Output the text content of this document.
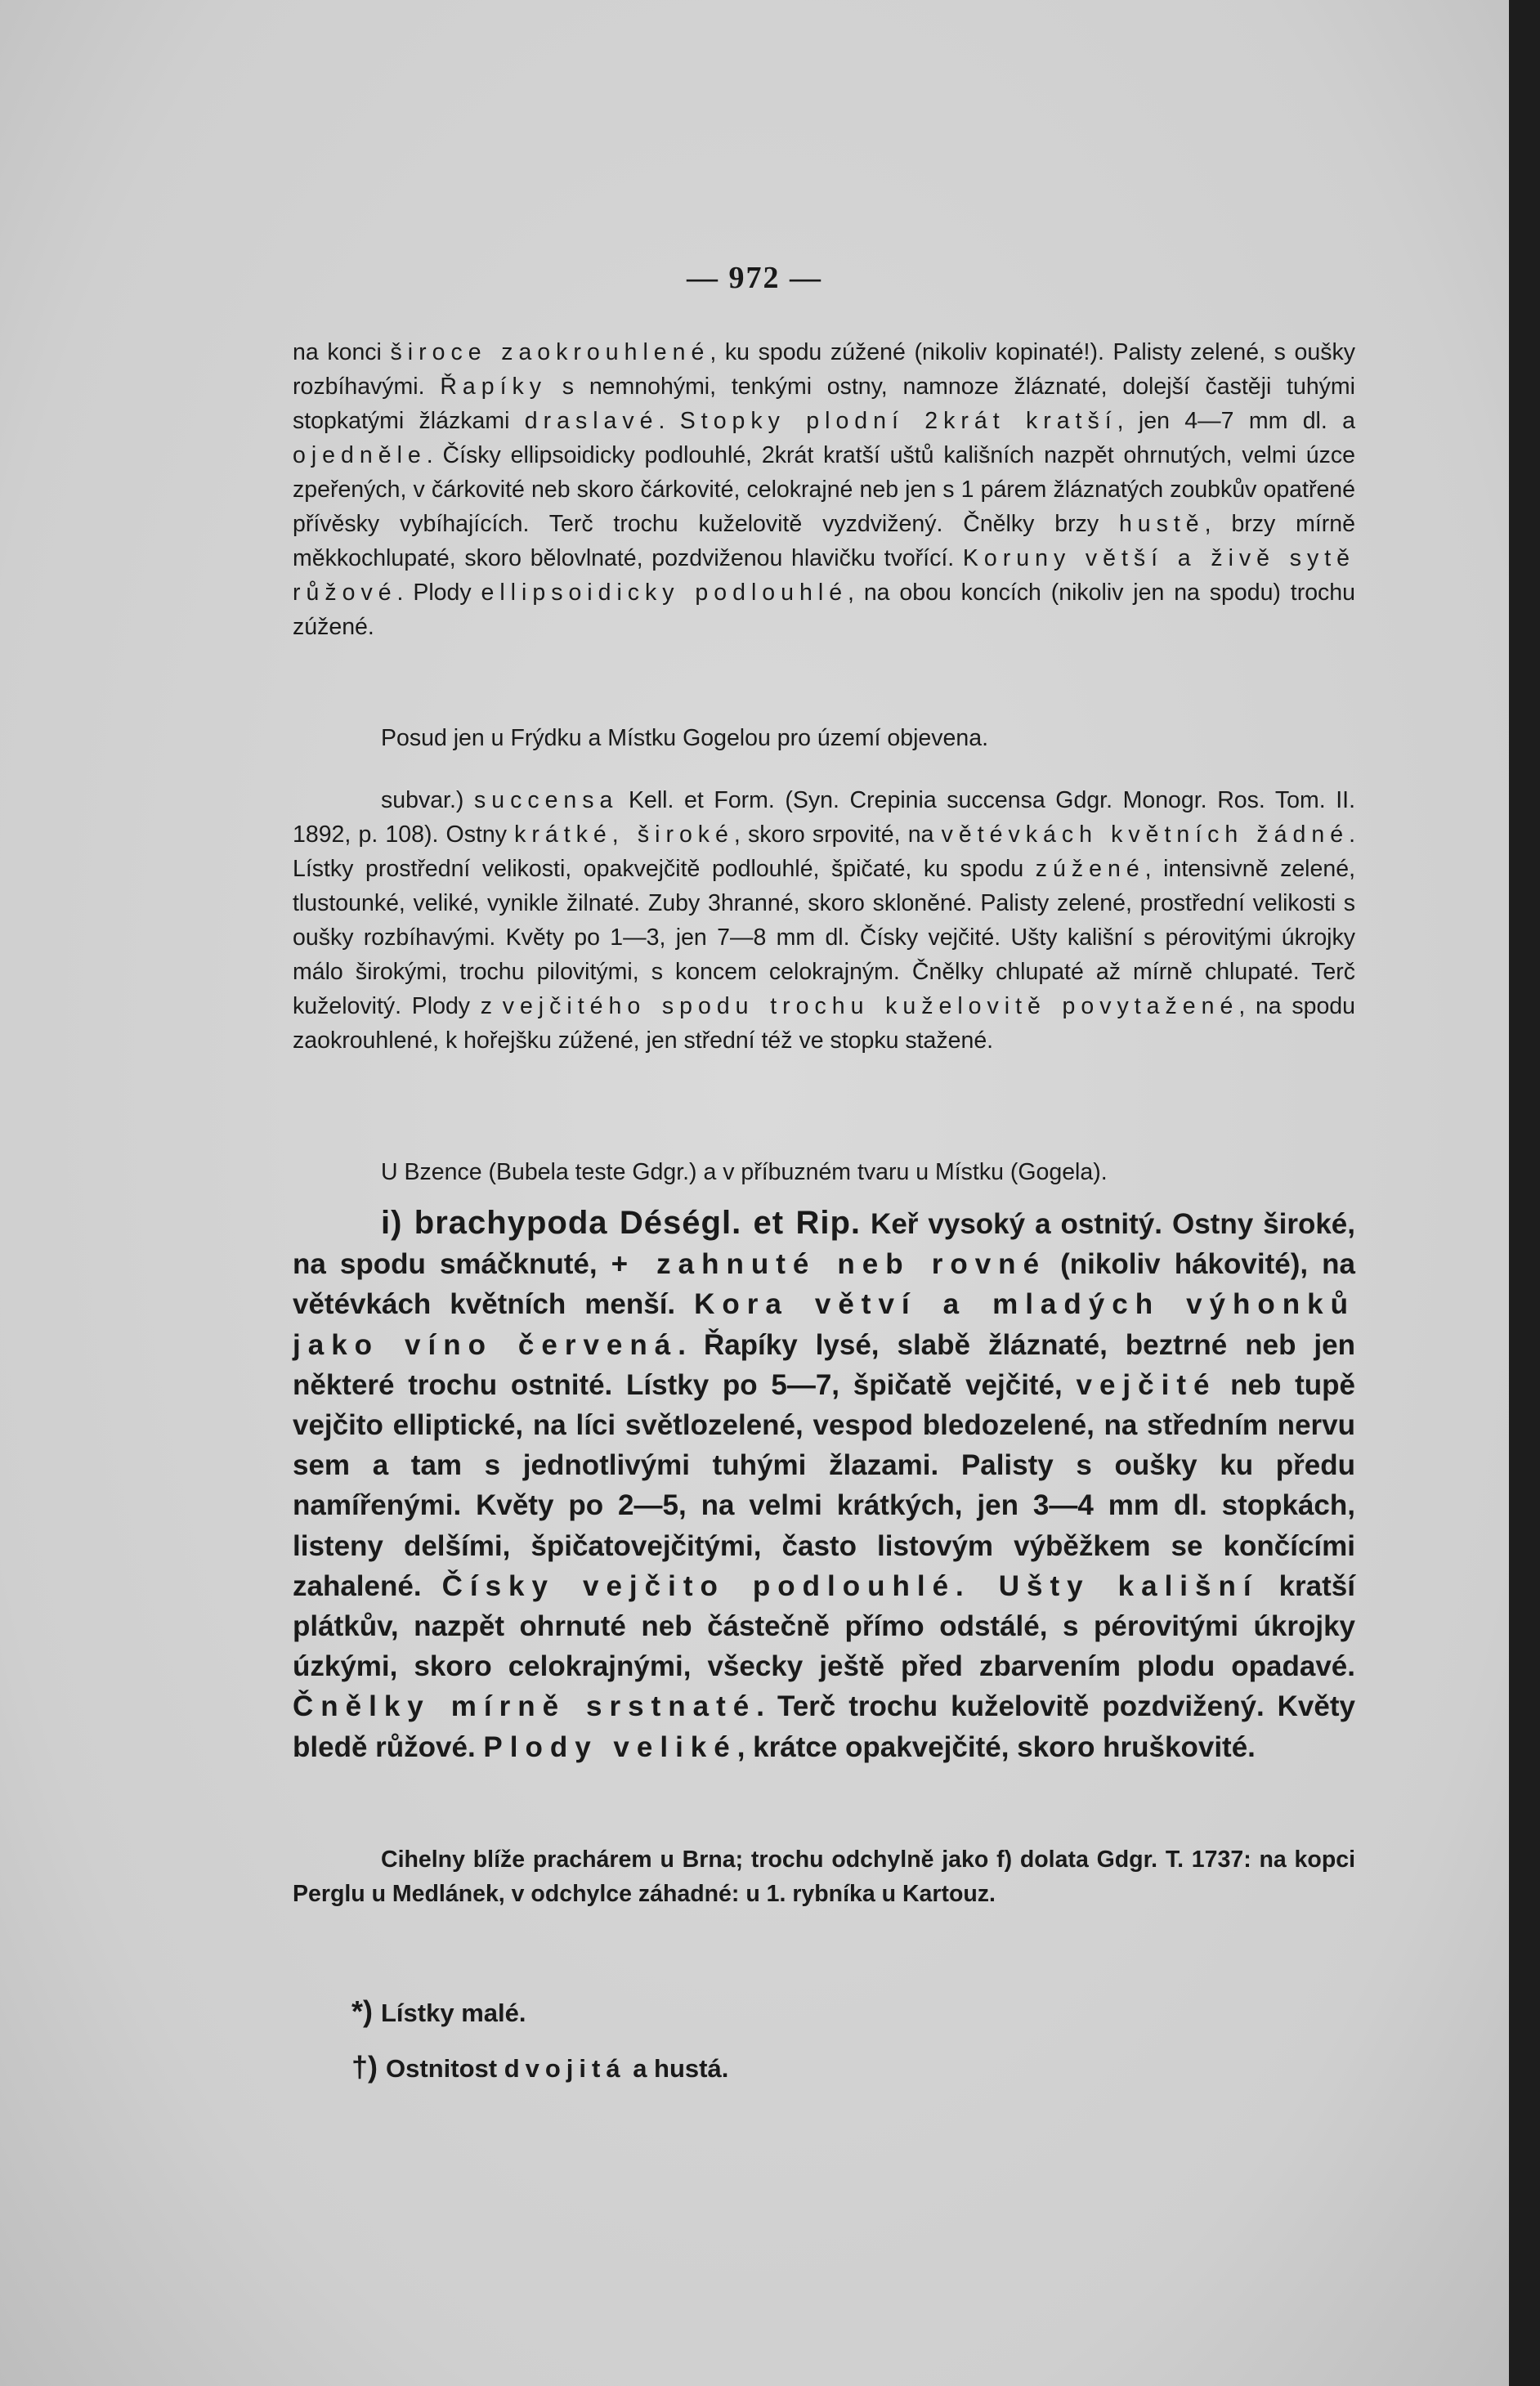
— 972 —

na konci široce zaokrouhlené, ku spodu zúžené (nikoliv kopinaté!). Palisty zelené, s oušky rozbíhavými. Řapíky s nemnohými, tenkými ostny, namnoze žláznaté, dolejší častěji tuhými stopkatými žlázkami draslavé. Stopky plodní 2krát kratší, jen 4—7 mm dl. a ojedněle. Čísky ellipsoidicky podlouhlé, 2krát kratší uštů kališních nazpět ohrnutých, velmi úzce zpeřených, v čárkovité neb skoro čárkovité, celokrajné neb jen s 1 párem žláznatých zoubkův opatřené přívěsky vybíhajících. Terč trochu kuželovitě vyzdvižený. Čnělky brzy hustě, brzy mírně měkkochlupaté, skoro bělovlnaté, pozdviženou hlavičku tvořící. Koruny větší a živě sytě růžové. Plody ellipsoidicky podlouhlé, na obou koncích (nikoliv jen na spodu) trochu zúžené.

Posud jen u Frýdku a Místku Gogelou pro území objevena.

subvar.) succensa Kell. et Form. (Syn. Crepinia succensa Gdgr. Monogr. Ros. Tom. II. 1892, p. 108). Ostny krátké, široké, skoro srpovité, na větévkách květních žádné. Lístky prostřední velikosti, opakvejčitě podlouhlé, špičaté, ku spodu zúžené, intensivně zelené, tlustounké, veliké, vynikle žilnaté. Zuby 3hranné, skoro skloněné. Palisty zelené, prostřední velikosti s oušky rozbíhavými. Květy po 1—3, jen 7—8 mm dl. Čísky vejčité. Ušty kališní s pérovitými úkrojky málo širokými, trochu pilovitými, s koncem celokrajným. Čnělky chlupaté až mírně chlupaté. Terč kuželovitý. Plody z vejčitého spodu trochu kuželovitě povytažené, na spodu zaokrouhlené, k hořejšku zúžené, jen střední též ve stopku stažené.

U Bzence (Bubela teste Gdgr.) a v příbuzném tvaru u Místku (Gogela).

i) brachypoda Déségl. et Rip. Keř vysoký a ostnitý. Ostny široké, na spodu smáčknuté, + zahnuté neb rovné (nikoliv hákovité), na větévkách květních menší. Kora větví a mladých výhonků jako víno červená. Řapíky lysé, slabě žláznaté, beztrné neb jen některé trochu ostnité. Lístky po 5—7, špičatě vejčité, vejčité neb tupě vejčito elliptické, na líci světlozelené, vespod bledozelené, na středním nervu sem a tam s jednotlivými tuhými žlazami. Palisty s oušky ku předu namířenými. Květy po 2—5, na velmi krátkých, jen 3—4 mm dl. stopkách, listeny delšími, špičatovejčitými, často listovým výběžkem se končícími zahalené. Čísky vejčito podlouhlé. Ušty kališní kratší plátkův, nazpět ohrnuté neb částečně přímo odstálé, s pérovitými úkrojky úzkými, skoro celokrajnými, všecky ještě před zbarvením plodu opadavé. Čnělky mírně srstnaté. Terč trochu kuželovitě pozdvižený. Květy bledě růžové. Plody veliké, krátce opakvejčité, skoro hruškovité.

Cihelny blíže prachárem u Brna; trochu odchylně jako f) dolata Gdgr. T. 1737: na kopci Perglu u Medlánek, v odchylce záhadné: u 1. rybníka u Kartouz.

*) Lístky malé.
†) Ostnitost dvojitá a hustá.
